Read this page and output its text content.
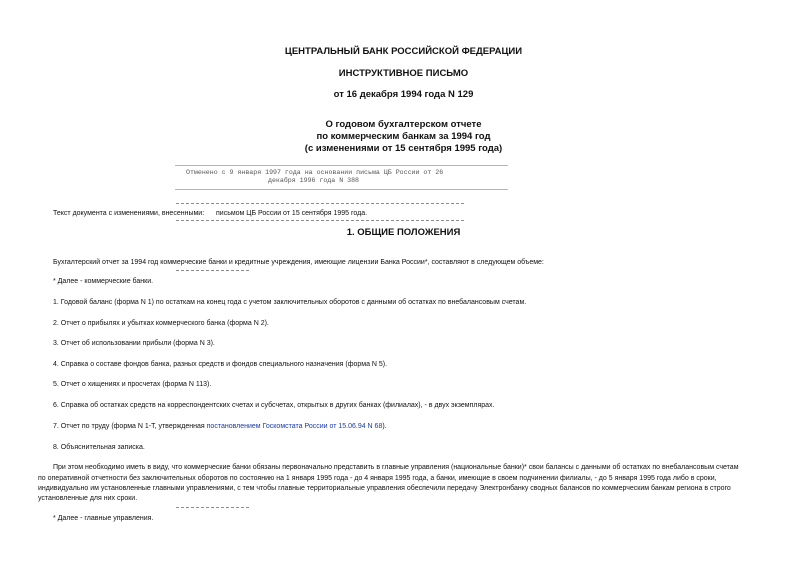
ЦЕНТРАЛЬНЫЙ БАНК РОССИЙСКОЙ ФЕДЕРАЦИИ
ИНСТРУКТИВНОЕ ПИСЬМО
от 16 декабря 1994 года N 129
О годовом бухгалтерском отчете
по коммерческим банкам за 1994 год
(с изменениями от 15 сентября 1995 года)
Отменено с 9 января 1997 года на основании письма ЦБ России от 26
декабря 1996 года N 388
Текст документа с изменениями, внесенными: письмом ЦБ России от 15 сентября 1995 года.
1. ОБЩИЕ ПОЛОЖЕНИЯ
Бухгалтерский отчет за 1994 год коммерческие банки и кредитные учреждения, имеющие лицензии Банка России*, составляют в следующем объеме:
* Далее - коммерческие банки.
1. Годовой баланс (форма N 1) по остаткам на конец года с учетом заключительных оборотов с данными об остатках по внебалансовым счетам.
2. Отчет о прибылях и убытках коммерческого банка (форма N 2).
3. Отчет об использовании прибыли (форма N 3).
4. Справка о составе фондов банка, разных средств и фондов специального назначения (форма N 5).
5. Отчет о хищениях и просчетах (форма N 113).
6. Справка об остатках средств на корреспондентских счетах и субсчетах, открытых в других банках (филиалах), - в двух экземплярах.
7. Отчет по труду (форма N 1-Т, утвержденная постановлением Госкомстата России от 15.06.94 N 68).
8. Объяснительная записка.
При этом необходимо иметь в виду, что коммерческие банки обязаны первоначально представить в главные управления (национальные банки)* свои балансы с данными об остатках по внебалансовым счетам
по оперативной отчетности без заключительных оборотов по состоянию на 1 января 1995 года - до 4 января 1995 года, а банки, имеющие в своем подчинении филиалы, - до 5 января 1995 года либо в сроки,
индивидуально им установленные главными управлениями, с тем чтобы главные территориальные управления обеспечили передачу Электронбанку сводных балансов по коммерческим банкам региона в строго
установленные для них сроки.
* Далее - главные управления.
